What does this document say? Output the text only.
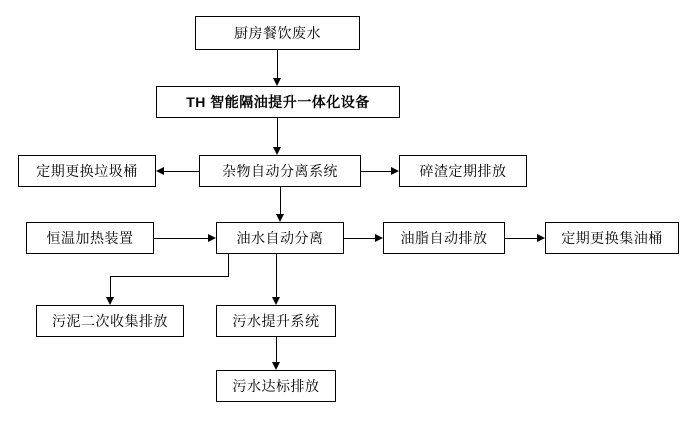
厨房餐饮废水
TH 智能隔油提升一体化设备
杂物自动分离系统
定期更换垃圾桶	碎渣定期排放
恒温加热装置	油水自动分离	油脂自动排放	定期更换集油桶
污泥二次收集排放	污水提升系统
污水达标排放
